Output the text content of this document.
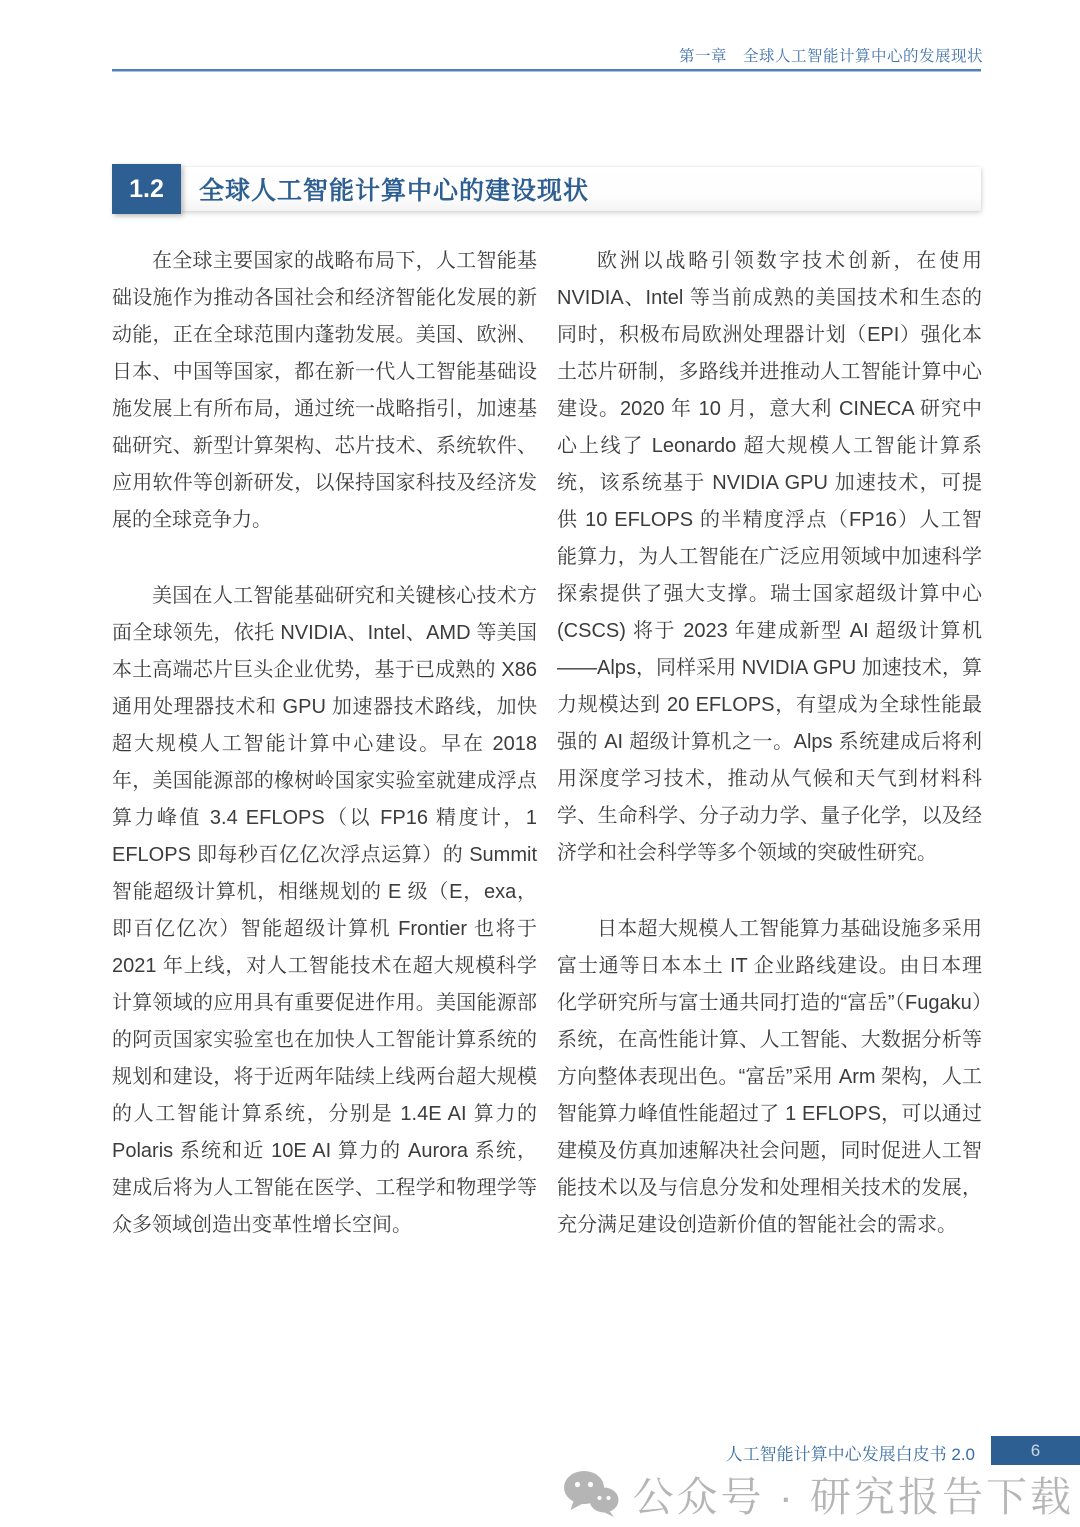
第一章　全球人工智能计算中心的发展现状
1.2	全球人工智能计算中心的建设现状

在全球主要国家的战略布局下，人工智能基础设施作为推动各国社会和经济智能化发展的新动能，正在全球范围内蓬勃发展。美国、欧洲、日本、中国等国家，都在新一代人工智能基础设施发展上有所布局，通过统一战略指引，加速基础研究、新型计算架构、芯片技术、系统软件、应用软件等创新研发，以保持国家科技及经济发展的全球竞争力。

美国在人工智能基础研究和关键核心技术方面全球领先，依托 NVIDIA、Intel、AMD 等美国本土高端芯片巨头企业优势，基于已成熟的 X86 通用处理器技术和 GPU 加速器技术路线，加快超大规模人工智能计算中心建设。早在 2018 年，美国能源部的橡树岭国家实验室就建成浮点算力峰值 3.4 EFLOPS（以 FP16 精度计，1 EFLOPS 即每秒百亿亿次浮点运算）的 Summit 智能超级计算机，相继规划的 E 级（E，exa，即百亿亿次）智能超级计算机 Frontier 也将于 2021 年上线，对人工智能技术在超大规模科学计算领域的应用具有重要促进作用。美国能源部的阿贡国家实验室也在加快人工智能计算系统的规划和建设，将于近两年陆续上线两台超大规模的人工智能计算系统，分别是 1.4E AI 算力的 Polaris 系统和近 10E AI 算力的 Aurora 系统，建成后将为人工智能在医学、工程学和物理学等众多领域创造出变革性增长空间。

欧洲以战略引领数字技术创新，在使用 NVIDIA、Intel 等当前成熟的美国技术和生态的同时，积极布局欧洲处理器计划（EPI）强化本土芯片研制，多路线并进推动人工智能计算中心建设。2020 年 10 月，意大利 CINECA 研究中心上线了 Leonardo 超大规模人工智能计算系统，该系统基于 NVIDIA GPU 加速技术，可提供 10 EFLOPS 的半精度浮点（FP16）人工智能算力，为人工智能在广泛应用领域中加速科学探索提供了强大支撑。瑞士国家超级计算中心 (CSCS) 将于 2023 年建成新型 AI 超级计算机——Alps，同样采用 NVIDIA GPU 加速技术，算力规模达到 20 EFLOPS，有望成为全球性能最强的 AI 超级计算机之一。Alps 系统建成后将利用深度学习技术，推动从气候和天气到材料科学、生命科学、分子动力学、量子化学，以及经济学和社会科学等多个领域的突破性研究。

日本超大规模人工智能算力基础设施多采用富士通等日本本土 IT 企业路线建设。由日本理化学研究所与富士通共同打造的“富岳”（Fugaku）系统，在高性能计算、人工智能、大数据分析等方向整体表现出色。“富岳”采用 Arm 架构，人工智能算力峰值性能超过了 1 EFLOPS，可以通过建模及仿真加速解决社会问题，同时促进人工智能技术以及与信息分发和处理相关技术的发展，充分满足建设创造新价值的智能社会的需求。

人工智能计算中心发展白皮书 2.0	6
公众号 · 研究报告下载
